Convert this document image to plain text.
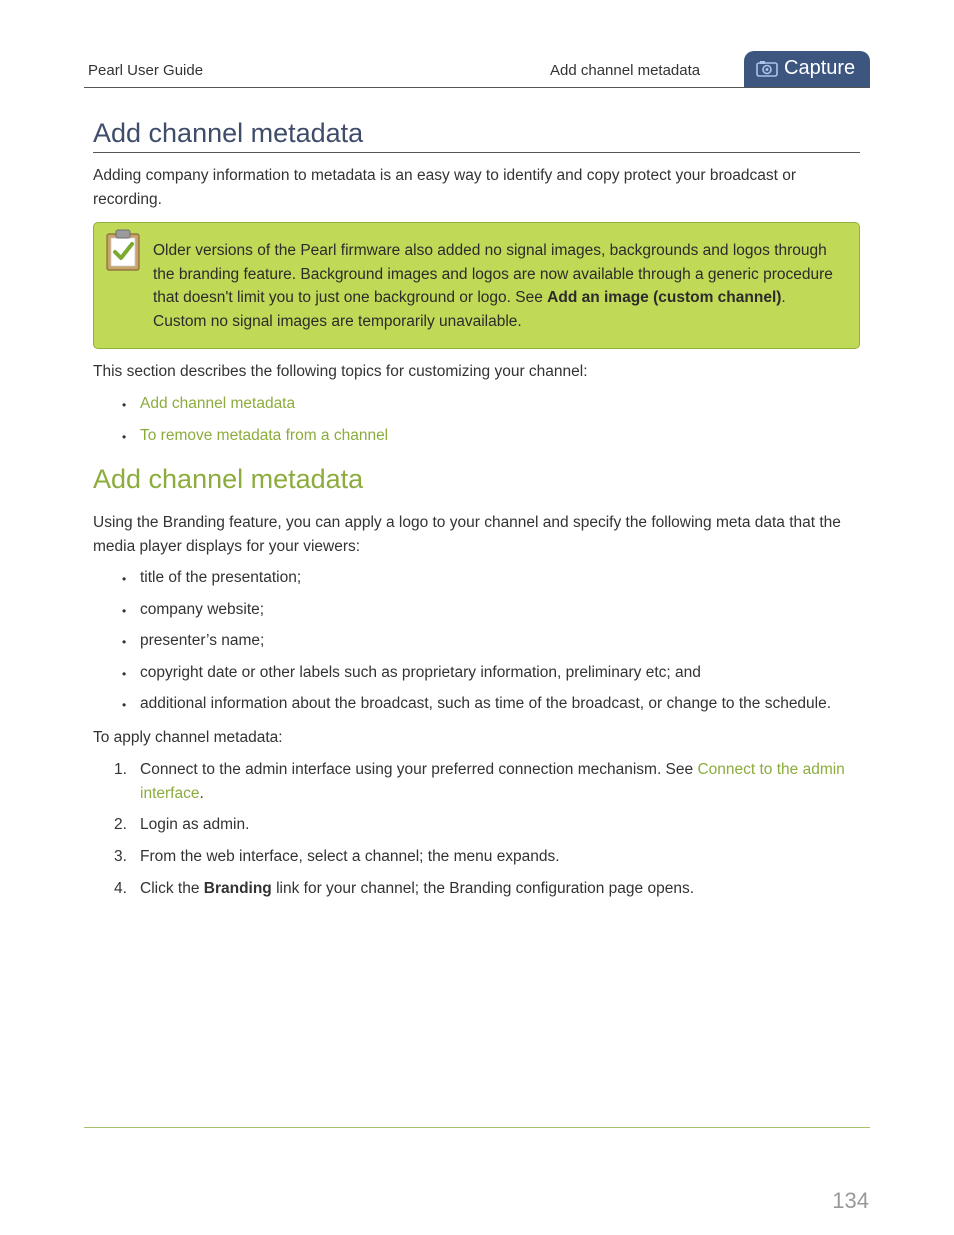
Pearl User Guide	Add channel metadata	Capture
Add channel metadata
Adding company information to metadata is an easy way to identify and copy protect your broadcast or recording.
Older versions of the Pearl firmware also added no signal images, backgrounds and logos through the branding feature. Background images and logos are now available through a generic procedure that doesn't limit you to just one background or logo. See Add an image (custom channel). Custom no signal images are temporarily unavailable.
This section describes the following topics for customizing your channel:
• Add channel metadata
• To remove metadata from a channel
Add channel metadata
Using the Branding feature, you can apply a logo to your channel and specify the following meta data that the media player displays for your viewers:
• title of the presentation;
• company website;
• presenter’s name;
• copyright date or other labels such as proprietary information, preliminary etc; and
• additional information about the broadcast, such as time of the broadcast, or change to the schedule.
To apply channel metadata:
1. Connect to the admin interface using your preferred connection mechanism. See Connect to the admin interface.
2. Login as admin.
3. From the web interface, select a channel; the menu expands.
4. Click the Branding link for your channel; the Branding configuration page opens.
134
